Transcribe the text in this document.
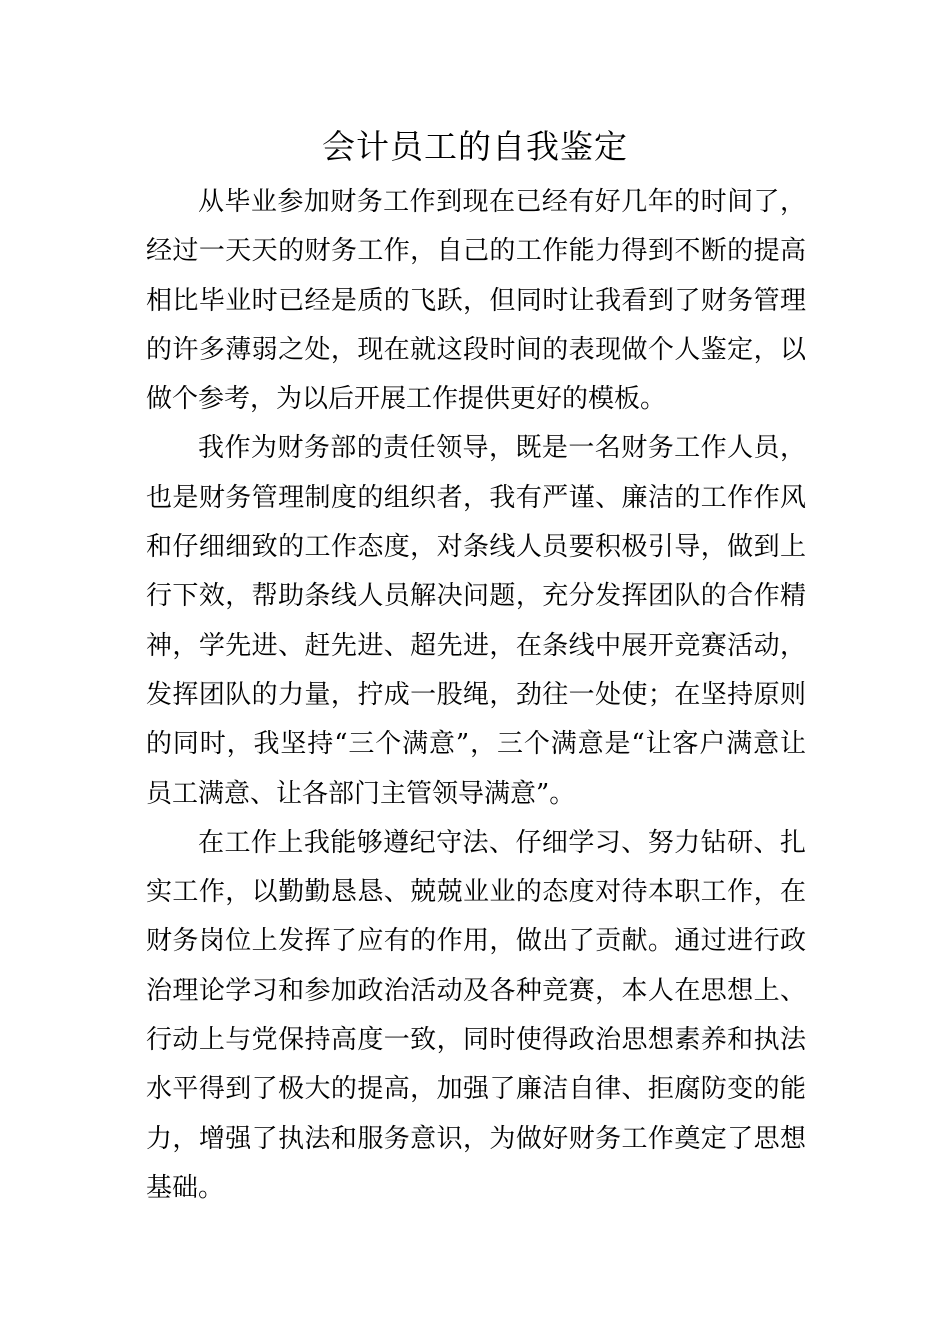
会计员工的自我鉴定

从毕业参加财务工作到现在已经有好几年的时间了，经过一天天的财务工作，自己的工作能力得到不断的提高相比毕业时已经是质的飞跃，但同时让我看到了财务管理的许多薄弱之处，现在就这段时间的表现做个人鉴定，以做个参考，为以后开展工作提供更好的模板。

我作为财务部的责任领导，既是一名财务工作人员，也是财务管理制度的组织者，我有严谨、廉洁的工作作风和仔细细致的工作态度，对条线人员要积极引导，做到上行下效，帮助条线人员解决问题，充分发挥团队的合作精神，学先进、赶先进、超先进，在条线中展开竞赛活动，发挥团队的力量，拧成一股绳，劲往一处使；在坚持原则的同时，我坚持“三个满意”，三个满意是“让客户满意让员工满意、让各部门主管领导满意”。

在工作上我能够遵纪守法、仔细学习、努力钻研、扎实工作，以勤勤恳恳、兢兢业业的态度对待本职工作，在财务岗位上发挥了应有的作用，做出了贡献。通过进行政治理论学习和参加政治活动及各种竞赛，本人在思想上、行动上与党保持高度一致，同时使得政治思想素养和执法水平得到了极大的提高，加强了廉洁自律、拒腐防变的能力，增强了执法和服务意识，为做好财务工作奠定了思想基础。
